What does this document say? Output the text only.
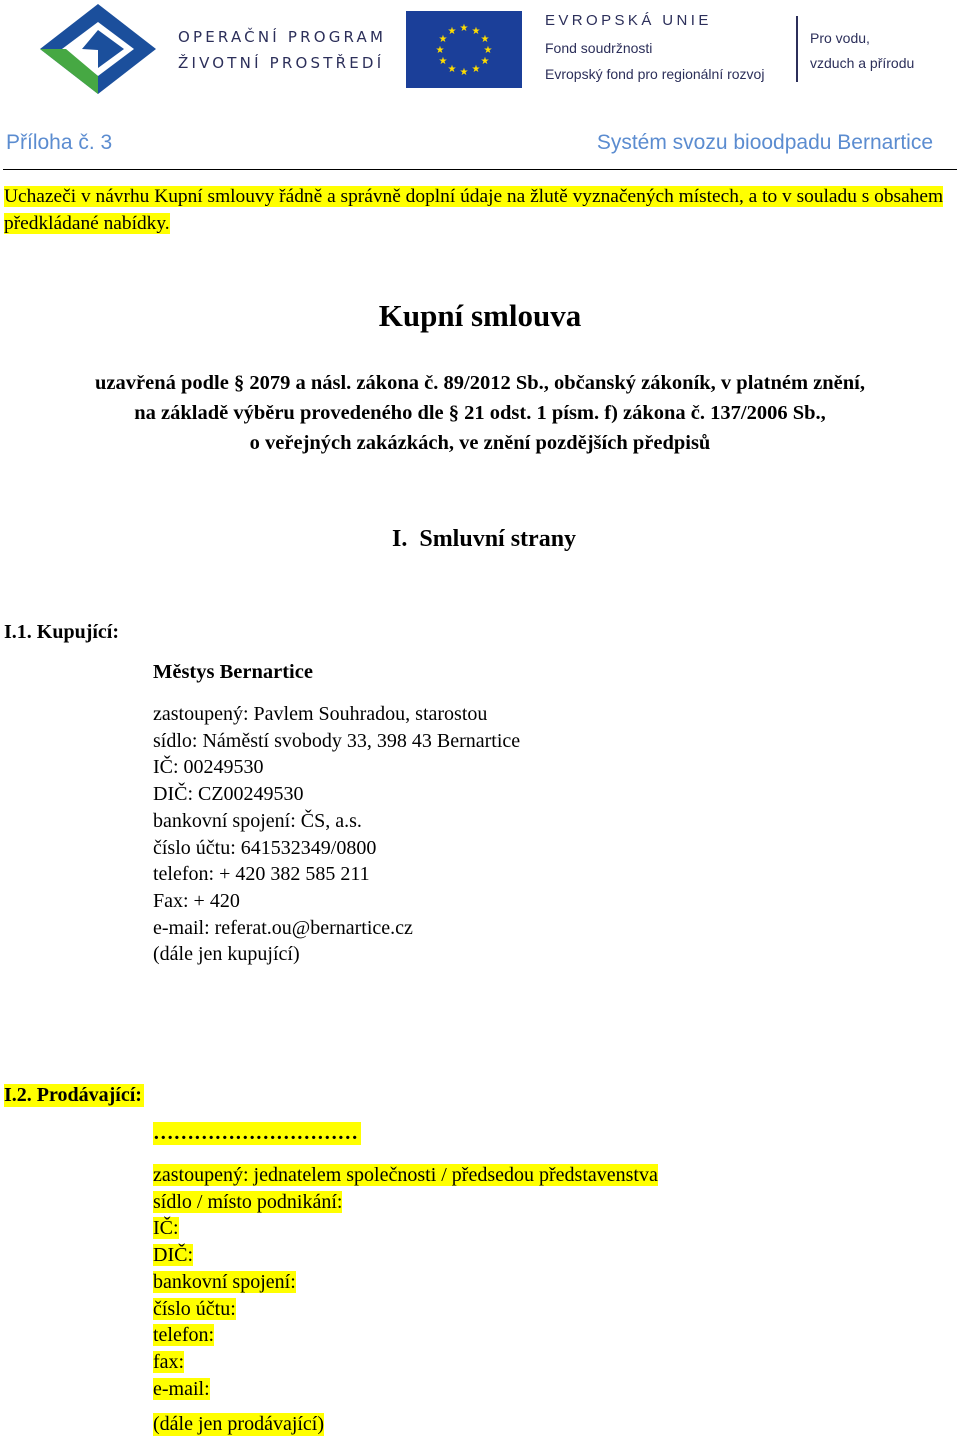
OPERAČNÍ PROGRAM
ŽIVOTNÍ PROSTŘEDÍ
★ ★
★
★
★
★
★
★
★
★
★
★
EVROPSKÁ UNIE
Fond soudržnosti
Evropský fond pro regionální rozvoj
Pro vodu,
vzduch a přírodu
Příloha č. 3	Systém svozu bioodpadu Bernartice
Uchazeči v návrhu Kupní smlouvy řádně a správně doplní údaje na žlutě vyznačených místech, a to v souladu s obsahem předkládané nabídky.
Kupní smlouva
uzavřená podle § 2079 a násl. zákona č. 89/2012 Sb., občanský zákoník, v platném znění,
na základě výběru provedeného dle § 21 odst. 1 písm. f) zákona č. 137/2006 Sb.,
o veřejných zakázkách, ve znění pozdějších předpisů
I.  Smluvní strany
I.1. Kupující:
Městys Bernartice
zastoupený: Pavlem Souhradou, starostou
sídlo: Náměstí svobody 33, 398 43 Bernartice
IČ: 00249530
DIČ: CZ00249530
bankovní spojení: ČS, a.s.
číslo účtu: 641532349/0800
telefon: + 420 382 585 211
Fax: + 420
e-mail: referat.ou@bernartice.cz
(dále jen kupující)
I.2. Prodávající:
…………………………
zastoupený: jednatelem společnosti / předsedou představenstva
sídlo / místo podnikání:
IČ:
DIČ:
bankovní spojení:
číslo účtu:
telefon:
fax:
e-mail:
(dále jen prodávající)
